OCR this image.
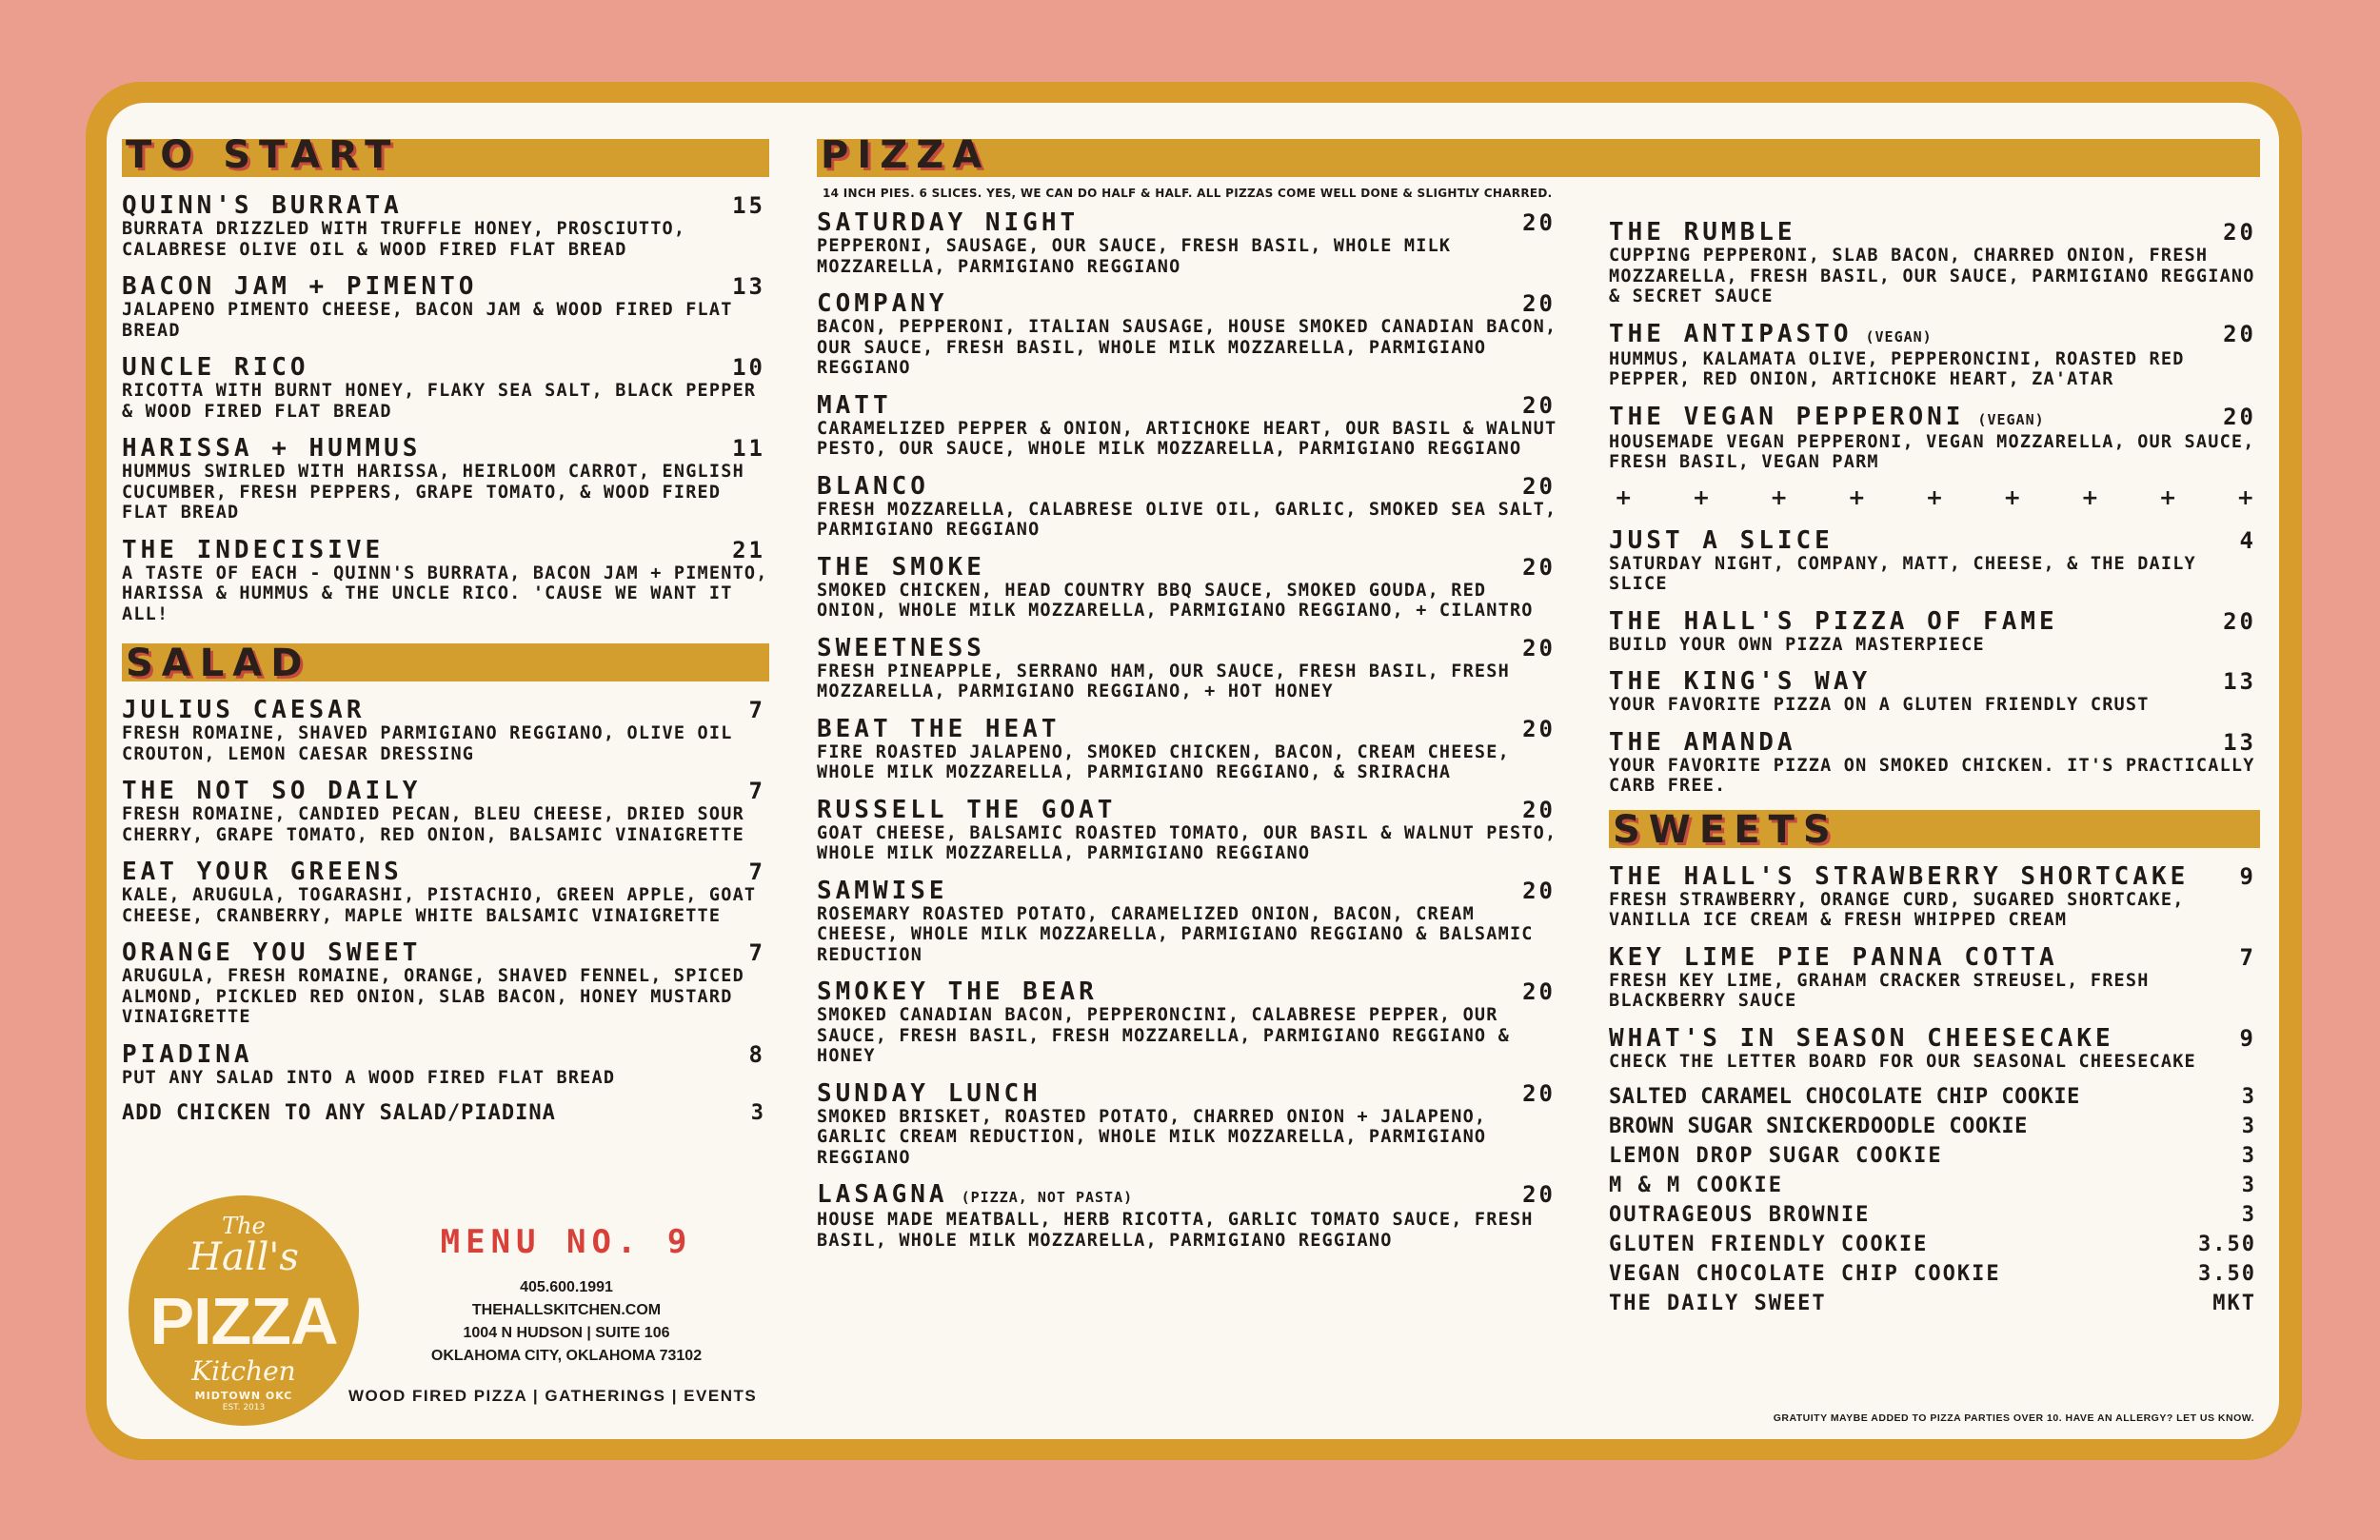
TO START
QUINN'S BURRATA	15
BURRATA DRIZZLED WITH TRUFFLE HONEY, PROSCIUTTO, CALABRESE OLIVE OIL & WOOD FIRED FLAT BREAD
BACON JAM + PIMENTO	13
JALAPENO PIMENTO CHEESE, BACON JAM & WOOD FIRED FLAT BREAD
UNCLE RICO	10
RICOTTA WITH BURNT HONEY, FLAKY SEA SALT, BLACK PEPPER & WOOD FIRED FLAT BREAD
HARISSA + HUMMUS	11
HUMMUS SWIRLED WITH HARISSA, HEIRLOOM CARROT, ENGLISH CUCUMBER, FRESH PEPPERS, GRAPE TOMATO, & WOOD FIRED FLAT BREAD
THE INDECISIVE	21
A TASTE OF EACH - QUINN'S BURRATA, BACON JAM + PIMENTO, HARISSA & HUMMUS & THE UNCLE RICO. 'CAUSE WE WANT IT ALL!
SALAD
JULIUS CAESAR	7
FRESH ROMAINE, SHAVED PARMIGIANO REGGIANO, OLIVE OIL CROUTON, LEMON CAESAR DRESSING
THE NOT SO DAILY	7
FRESH ROMAINE, CANDIED PECAN, BLEU CHEESE, DRIED SOUR CHERRY, GRAPE TOMATO, RED ONION, BALSAMIC VINAIGRETTE
EAT YOUR GREENS	7
KALE, ARUGULA, TOGARASHI, PISTACHIO, GREEN APPLE, GOAT CHEESE, CRANBERRY, MAPLE WHITE BALSAMIC VINAIGRETTE
ORANGE YOU SWEET	7
ARUGULA, FRESH ROMAINE, ORANGE, SHAVED FENNEL, SPICED ALMOND, PICKLED RED ONION, SLAB BACON, HONEY MUSTARD VINAIGRETTE
PIADINA	8
PUT ANY SALAD INTO A WOOD FIRED FLAT BREAD
ADD CHICKEN TO ANY SALAD/PIADINA	3
PIZZA
14 INCH PIES. 6 SLICES. YES, WE CAN DO HALF & HALF. ALL PIZZAS COME WELL DONE & SLIGHTLY CHARRED.
SATURDAY NIGHT	20
PEPPERONI, SAUSAGE, OUR SAUCE, FRESH BASIL, WHOLE MILK MOZZARELLA, PARMIGIANO REGGIANO
COMPANY	20
BACON, PEPPERONI, ITALIAN SAUSAGE, HOUSE SMOKED CANADIAN BACON, OUR SAUCE, FRESH BASIL, WHOLE MILK MOZZARELLA, PARMIGIANO REGGIANO
MATT	20
CARAMELIZED PEPPER & ONION, ARTICHOKE HEART, OUR BASIL & WALNUT PESTO, OUR SAUCE, WHOLE MILK MOZZARELLA, PARMIGIANO REGGIANO
BLANCO	20
FRESH MOZZARELLA, CALABRESE OLIVE OIL, GARLIC, SMOKED SEA SALT, PARMIGIANO REGGIANO
THE SMOKE	20
SMOKED CHICKEN, HEAD COUNTRY BBQ SAUCE, SMOKED GOUDA, RED ONION, WHOLE MILK MOZZARELLA, PARMIGIANO REGGIANO, + CILANTRO
SWEETNESS	20
FRESH PINEAPPLE, SERRANO HAM, OUR SAUCE, FRESH BASIL, FRESH MOZZARELLA, PARMIGIANO REGGIANO, + HOT HONEY
BEAT THE HEAT	20
FIRE ROASTED JALAPENO, SMOKED CHICKEN, BACON, CREAM CHEESE, WHOLE MILK MOZZARELLA, PARMIGIANO REGGIANO, & SRIRACHA
RUSSELL THE GOAT	20
GOAT CHEESE, BALSAMIC ROASTED TOMATO, OUR BASIL & WALNUT PESTO, WHOLE MILK MOZZARELLA, PARMIGIANO REGGIANO
SAMWISE	20
ROSEMARY ROASTED POTATO, CARAMELIZED ONION, BACON, CREAM CHEESE, WHOLE MILK MOZZARELLA, PARMIGIANO REGGIANO & BALSAMIC REDUCTION
SMOKEY THE BEAR	20
SMOKED CANADIAN BACON, PEPPERONCINI, CALABRESE PEPPER, OUR SAUCE, FRESH BASIL, FRESH MOZZARELLA, PARMIGIANO REGGIANO & HONEY
SUNDAY LUNCH	20
SMOKED BRISKET, ROASTED POTATO, CHARRED ONION + JALAPENO, GARLIC CREAM REDUCTION, WHOLE MILK MOZZARELLA, PARMIGIANO REGGIANO
LASAGNA (PIZZA, NOT PASTA)	20
HOUSE MADE MEATBALL, HERB RICOTTA, GARLIC TOMATO SAUCE, FRESH BASIL, WHOLE MILK MOZZARELLA, PARMIGIANO REGGIANO
THE RUMBLE	20
CUPPING PEPPERONI, SLAB BACON, CHARRED ONION, FRESH MOZZARELLA, FRESH BASIL, OUR SAUCE, PARMIGIANO REGGIANO & SECRET SAUCE
THE ANTIPASTO (VEGAN)	20
HUMMUS, KALAMATA OLIVE, PEPPERONCINI, ROASTED RED PEPPER, RED ONION, ARTICHOKE HEART, ZA'ATAR
THE VEGAN PEPPERONI (VEGAN)	20
HOUSEMADE VEGAN PEPPERONI, VEGAN MOZZARELLA, OUR SAUCE, FRESH BASIL, VEGAN PARM
+	+	+	+	+	+	+	+	+
JUST A SLICE	4
SATURDAY NIGHT, COMPANY, MATT, CHEESE, & THE DAILY SLICE
THE HALL'S PIZZA OF FAME	20
BUILD YOUR OWN PIZZA MASTERPIECE
THE KING'S WAY	13
YOUR FAVORITE PIZZA ON A GLUTEN FRIENDLY CRUST
THE AMANDA	13
YOUR FAVORITE PIZZA ON SMOKED CHICKEN. IT'S PRACTICALLY CARB FREE.
SWEETS
THE HALL'S STRAWBERRY SHORTCAKE 9
FRESH STRAWBERRY, ORANGE CURD, SUGARED SHORTCAKE, VANILLA ICE CREAM & FRESH WHIPPED CREAM
KEY LIME PIE PANNA COTTA	7
FRESH KEY LIME, GRAHAM CRACKER STREUSEL, FRESH BLACKBERRY SAUCE
WHAT'S IN SEASON CHEESECAKE	9
CHECK THE LETTER BOARD FOR OUR SEASONAL CHEESECAKE
SALTED CARAMEL CHOCOLATE CHIP COOKIE	3
BROWN SUGAR SNICKERDOODLE COOKIE	3
LEMON DROP SUGAR COOKIE	3
M & M COOKIE	3
OUTRAGEOUS BROWNIE	3
GLUTEN FRIENDLY COOKIE	3.50
VEGAN CHOCOLATE CHIP COOKIE	3.50
THE DAILY SWEET	MKT
The
Hall's
PIZZA
Kitchen
MIDTOWN OKC
EST. 2013
MENU NO. 9
405.600.1991
THEHALLSKITCHEN.COM
1004 N HUDSON | SUITE 106
OKLAHOMA CITY, OKLAHOMA 73102
WOOD FIRED PIZZA | GATHERINGS | EVENTS
GRATUITY MAYBE ADDED TO PIZZA PARTIES OVER 10. HAVE AN ALLERGY? LET US KNOW.
